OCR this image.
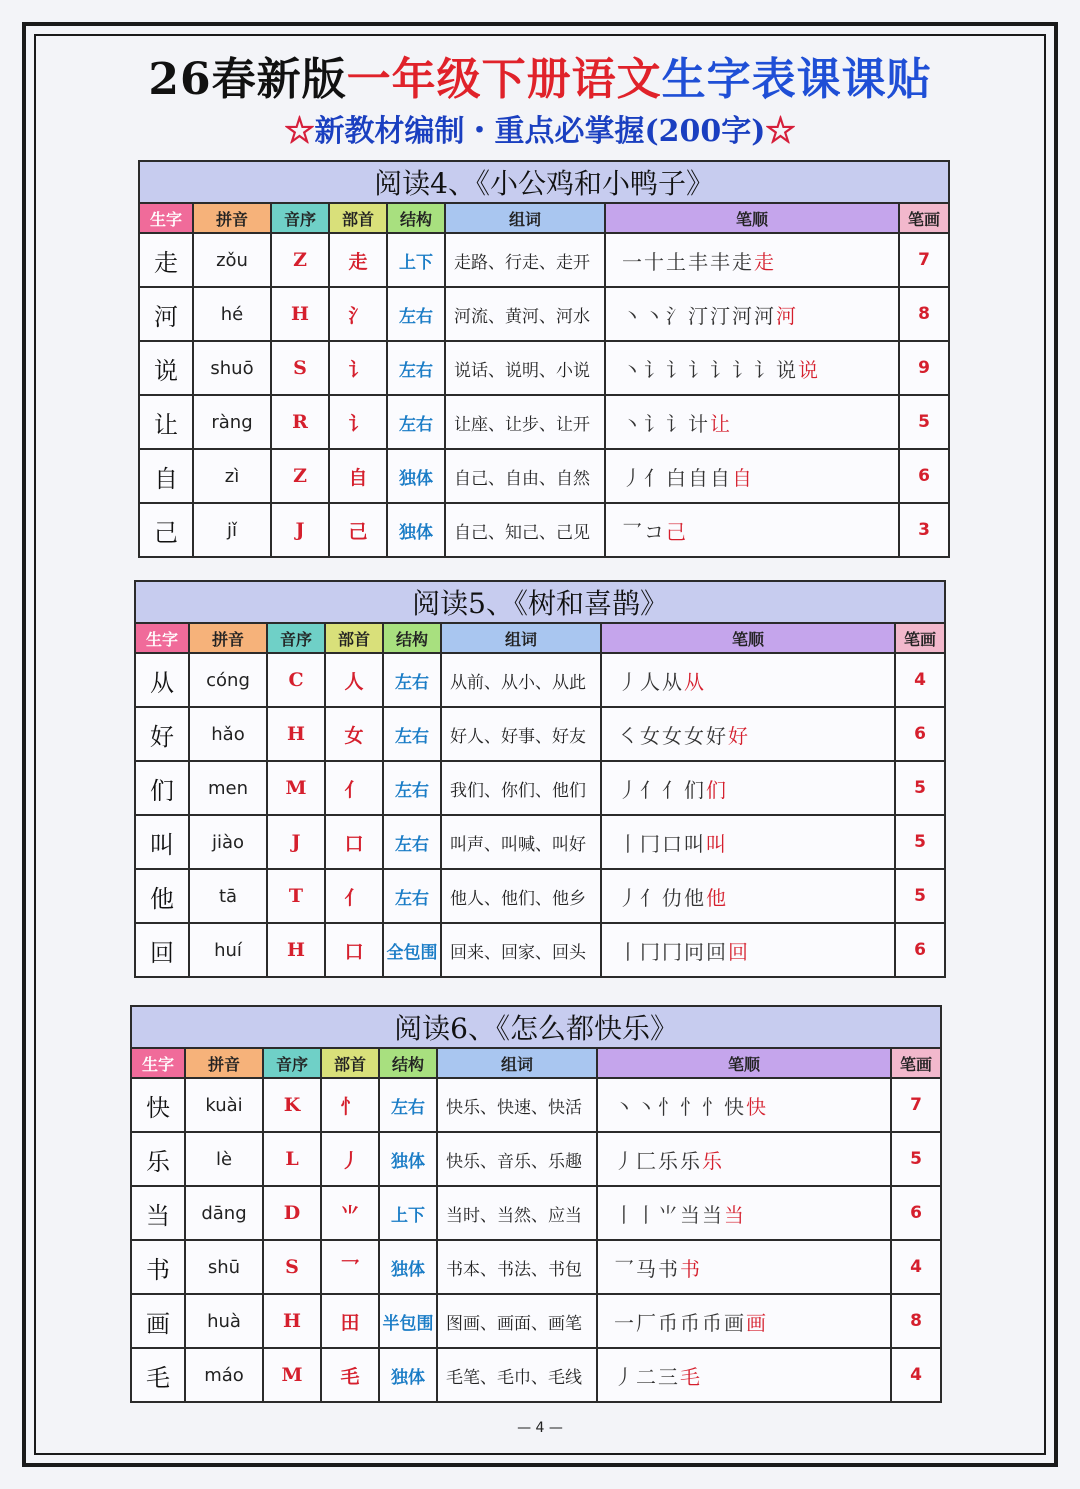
26春新版一年级下册语文生字表课课贴
☆新教材编制・重点必掌握(200字)☆
阅读4、《小公鸡和小鸭子》							
生字	拼音	音序	部首	结构	组词	笔顺	笔画
走	zǒu	Z	走	上下	走路、行走、走开	一十土丰丰走走	7
河	hé	H	氵	左右	河流、黄河、河水	丶丶氵汀汀河河河	8
说	shuō	S	讠	左右	说话、说明、小说	丶讠讠讠讠讠讠说说	9
让	ràng	R	讠	左右	让座、让步、让开	丶讠讠计让	5
自	zì	Z	自	独体	自己、自由、自然	丿亻白自自自	6
己	jǐ	J	己	独体	自己、知己、己见	乛コ己	3
阅读5、《树和喜鹊》							
生字	拼音	音序	部首	结构	组词	笔顺	笔画
从	cóng	C	人	左右	从前、从小、从此	丿人从从	4
好	hǎo	H	女	左右	好人、好事、好友	㇛女女女好好	6
们	men	M	亻	左右	我们、你们、他们	丿亻亻们们	5
叫	jiào	J	口	左右	叫声、叫喊、叫好	丨冂口叫叫	5
他	tā	T	亻	左右	他人、他们、他乡	丿亻仂他他	5
回	huí	H	口	全包围	回来、回家、回头	丨冂冂冋回回	6
阅读6、《怎么都快乐》							
生字	拼音	音序	部首	结构	组词	笔顺	笔画
快	kuài	K	忄	左右	快乐、快速、快活	丶丶忄忄忄快快	7
乐	lè	L	丿	独体	快乐、音乐、乐趣	丿匚乐乐乐	5
当	dāng	D	⺌	上下	当时、当然、应当	丨丨⺌当当当	6
书	shū	S	乛	独体	书本、书法、书包	乛马书书	4
画	huà	H	田	半包围	图画、画面、画笔	一厂币币币画画	8
毛	máo	M	毛	独体	毛笔、毛巾、毛线	丿二三毛	4
— 4 —
